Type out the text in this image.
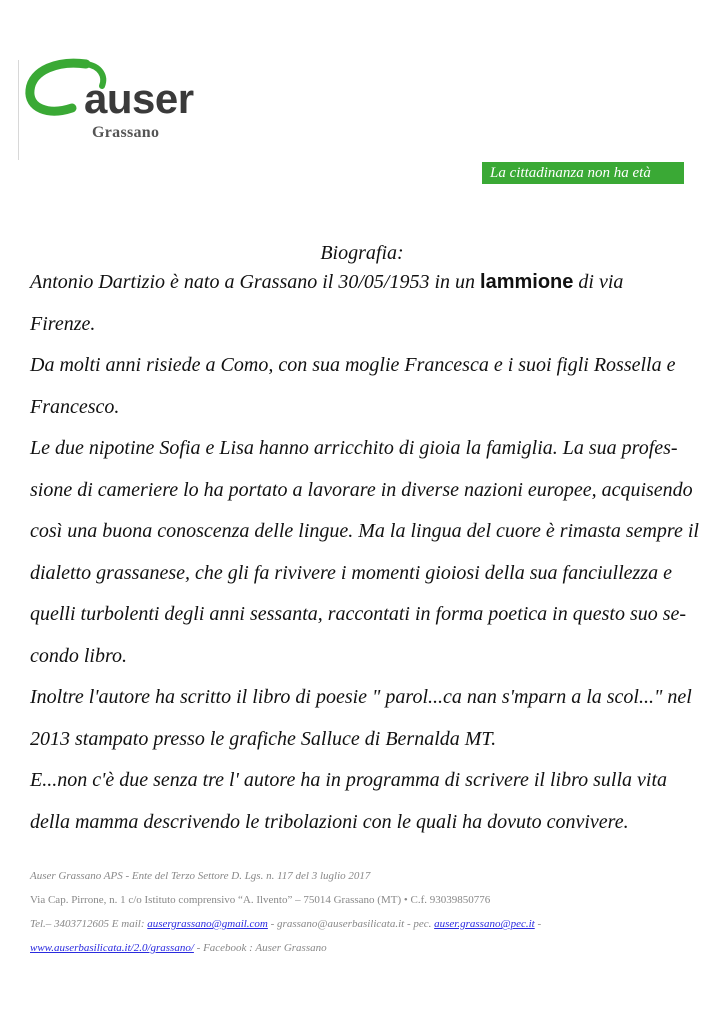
auser
Grassano
La cittadinanza non ha età
Biografia:
Antonio Dartizio è nato a Grassano il 30/05/1953 in un lammione di via
Firenze.
Da molti anni risiede a Como, con sua moglie Francesca e i suoi figli Rossella e
Francesco.
Le due nipotine Sofia e Lisa hanno arricchito di gioia la famiglia. La sua profes-
sione di cameriere lo ha portato a lavorare in diverse nazioni europee, acquisendo
così una buona conoscenza delle lingue. Ma la lingua del cuore è rimasta sempre il
dialetto grassanese, che gli fa rivivere i momenti gioiosi della sua fanciullezza e
quelli turbolenti degli anni sessanta, raccontati in forma poetica in questo suo se-
condo libro.
Inoltre l'autore ha scritto il libro di poesie " parol...ca nan s'mparn a la scol..." nel
2013 stampato presso le grafiche Salluce di Bernalda MT.
E...non c'è due senza tre l' autore ha in programma di scrivere il libro sulla vita
della mamma descrivendo le tribolazioni con le quali ha dovuto convivere.
Auser Grassano APS - Ente del Terzo Settore D. Lgs. n. 117 del 3 luglio 2017
Via Cap. Pirrone, n. 1 c/o Istituto comprensivo “A. Ilvento” – 75014 Grassano (MT) • C.f. 93039850776
Tel.– 3403712605 E mail: ausergrassano@gmail.com - grassano@auserbasilicata.it - pec. auser.grassano@pec.it -
www.auserbasilicata.it/2.0/grassano/ - Facebook : Auser Grassano
